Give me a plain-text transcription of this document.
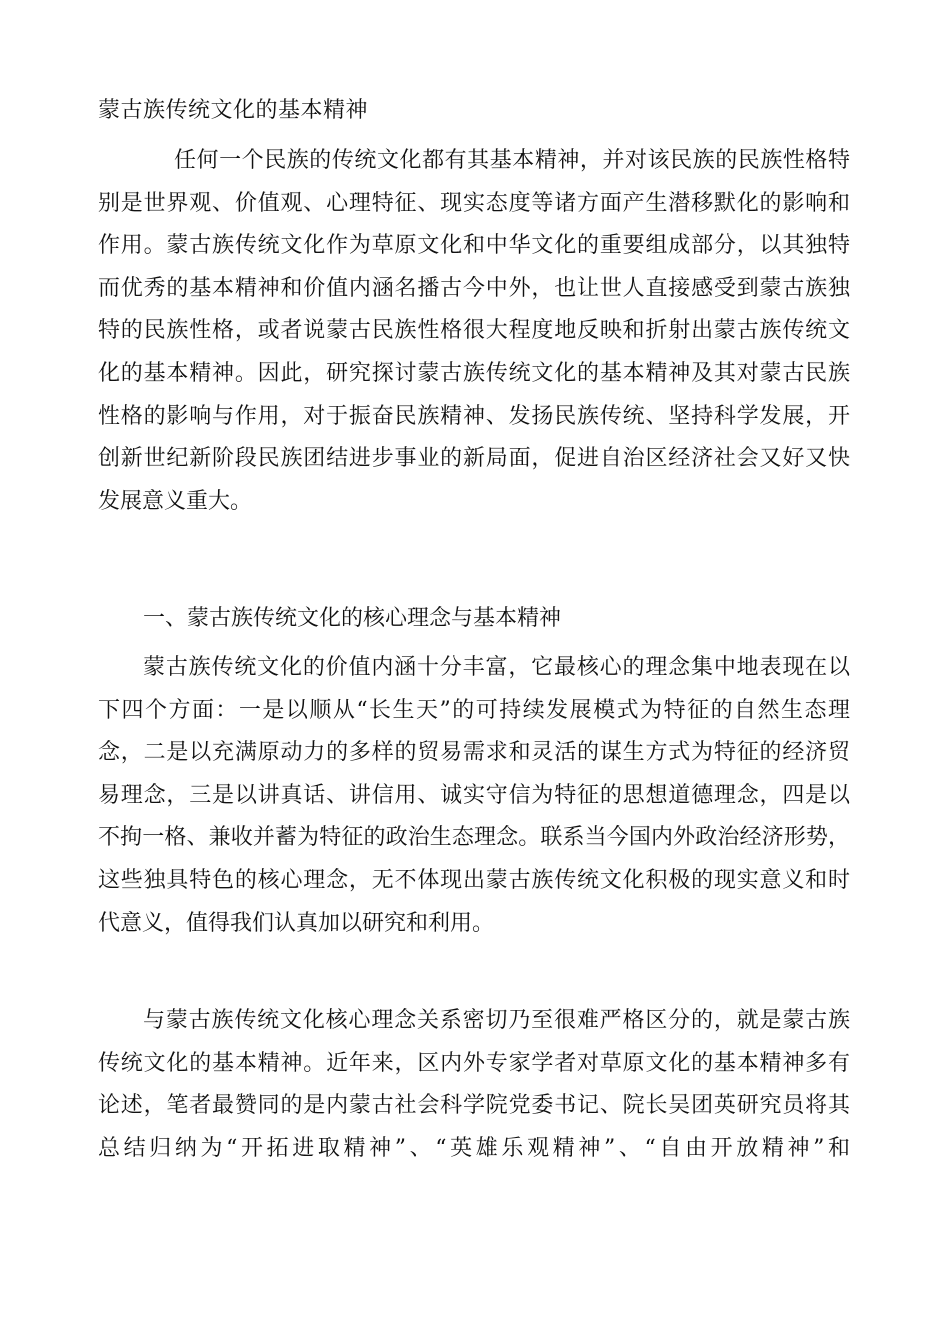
蒙古族传统文化的基本精神
任何一个民族的传统文化都有其基本精神，并对该民族的民族性格特
别是世界观、价值观、心理特征、现实态度等诸方面产生潜移默化的影响和
作用。蒙古族传统文化作为草原文化和中华文化的重要组成部分，以其独特
而优秀的基本精神和价值内涵名播古今中外，也让世人直接感受到蒙古族独
特的民族性格，或者说蒙古民族性格很大程度地反映和折射出蒙古族传统文
化的基本精神。因此，研究探讨蒙古族传统文化的基本精神及其对蒙古民族
性格的影响与作用，对于振奋民族精神、发扬民族传统、坚持科学发展，开
创新世纪新阶段民族团结进步事业的新局面，促进自治区经济社会又好又快
发展意义重大。
一、蒙古族传统文化的核心理念与基本精神
蒙古族传统文化的价值内涵十分丰富，它最核心的理念集中地表现在以
下四个方面：一是以顺从“长生天”的可持续发展模式为特征的自然生态理
念，二是以充满原动力的多样的贸易需求和灵活的谋生方式为特征的经济贸
易理念，三是以讲真话、讲信用、诚实守信为特征的思想道德理念，四是以
不拘一格、兼收并蓄为特征的政治生态理念。联系当今国内外政治经济形势，
这些独具特色的核心理念，无不体现出蒙古族传统文化积极的现实意义和时
代意义，值得我们认真加以研究和利用。
与蒙古族传统文化核心理念关系密切乃至很难严格区分的，就是蒙古族
传统文化的基本精神。近年来，区内外专家学者对草原文化的基本精神多有
论述，笔者最赞同的是内蒙古社会科学院党委书记、院长吴团英研究员将其
总结归纳为“开拓进取精神”、“英雄乐观精神”、“自由开放精神”和
